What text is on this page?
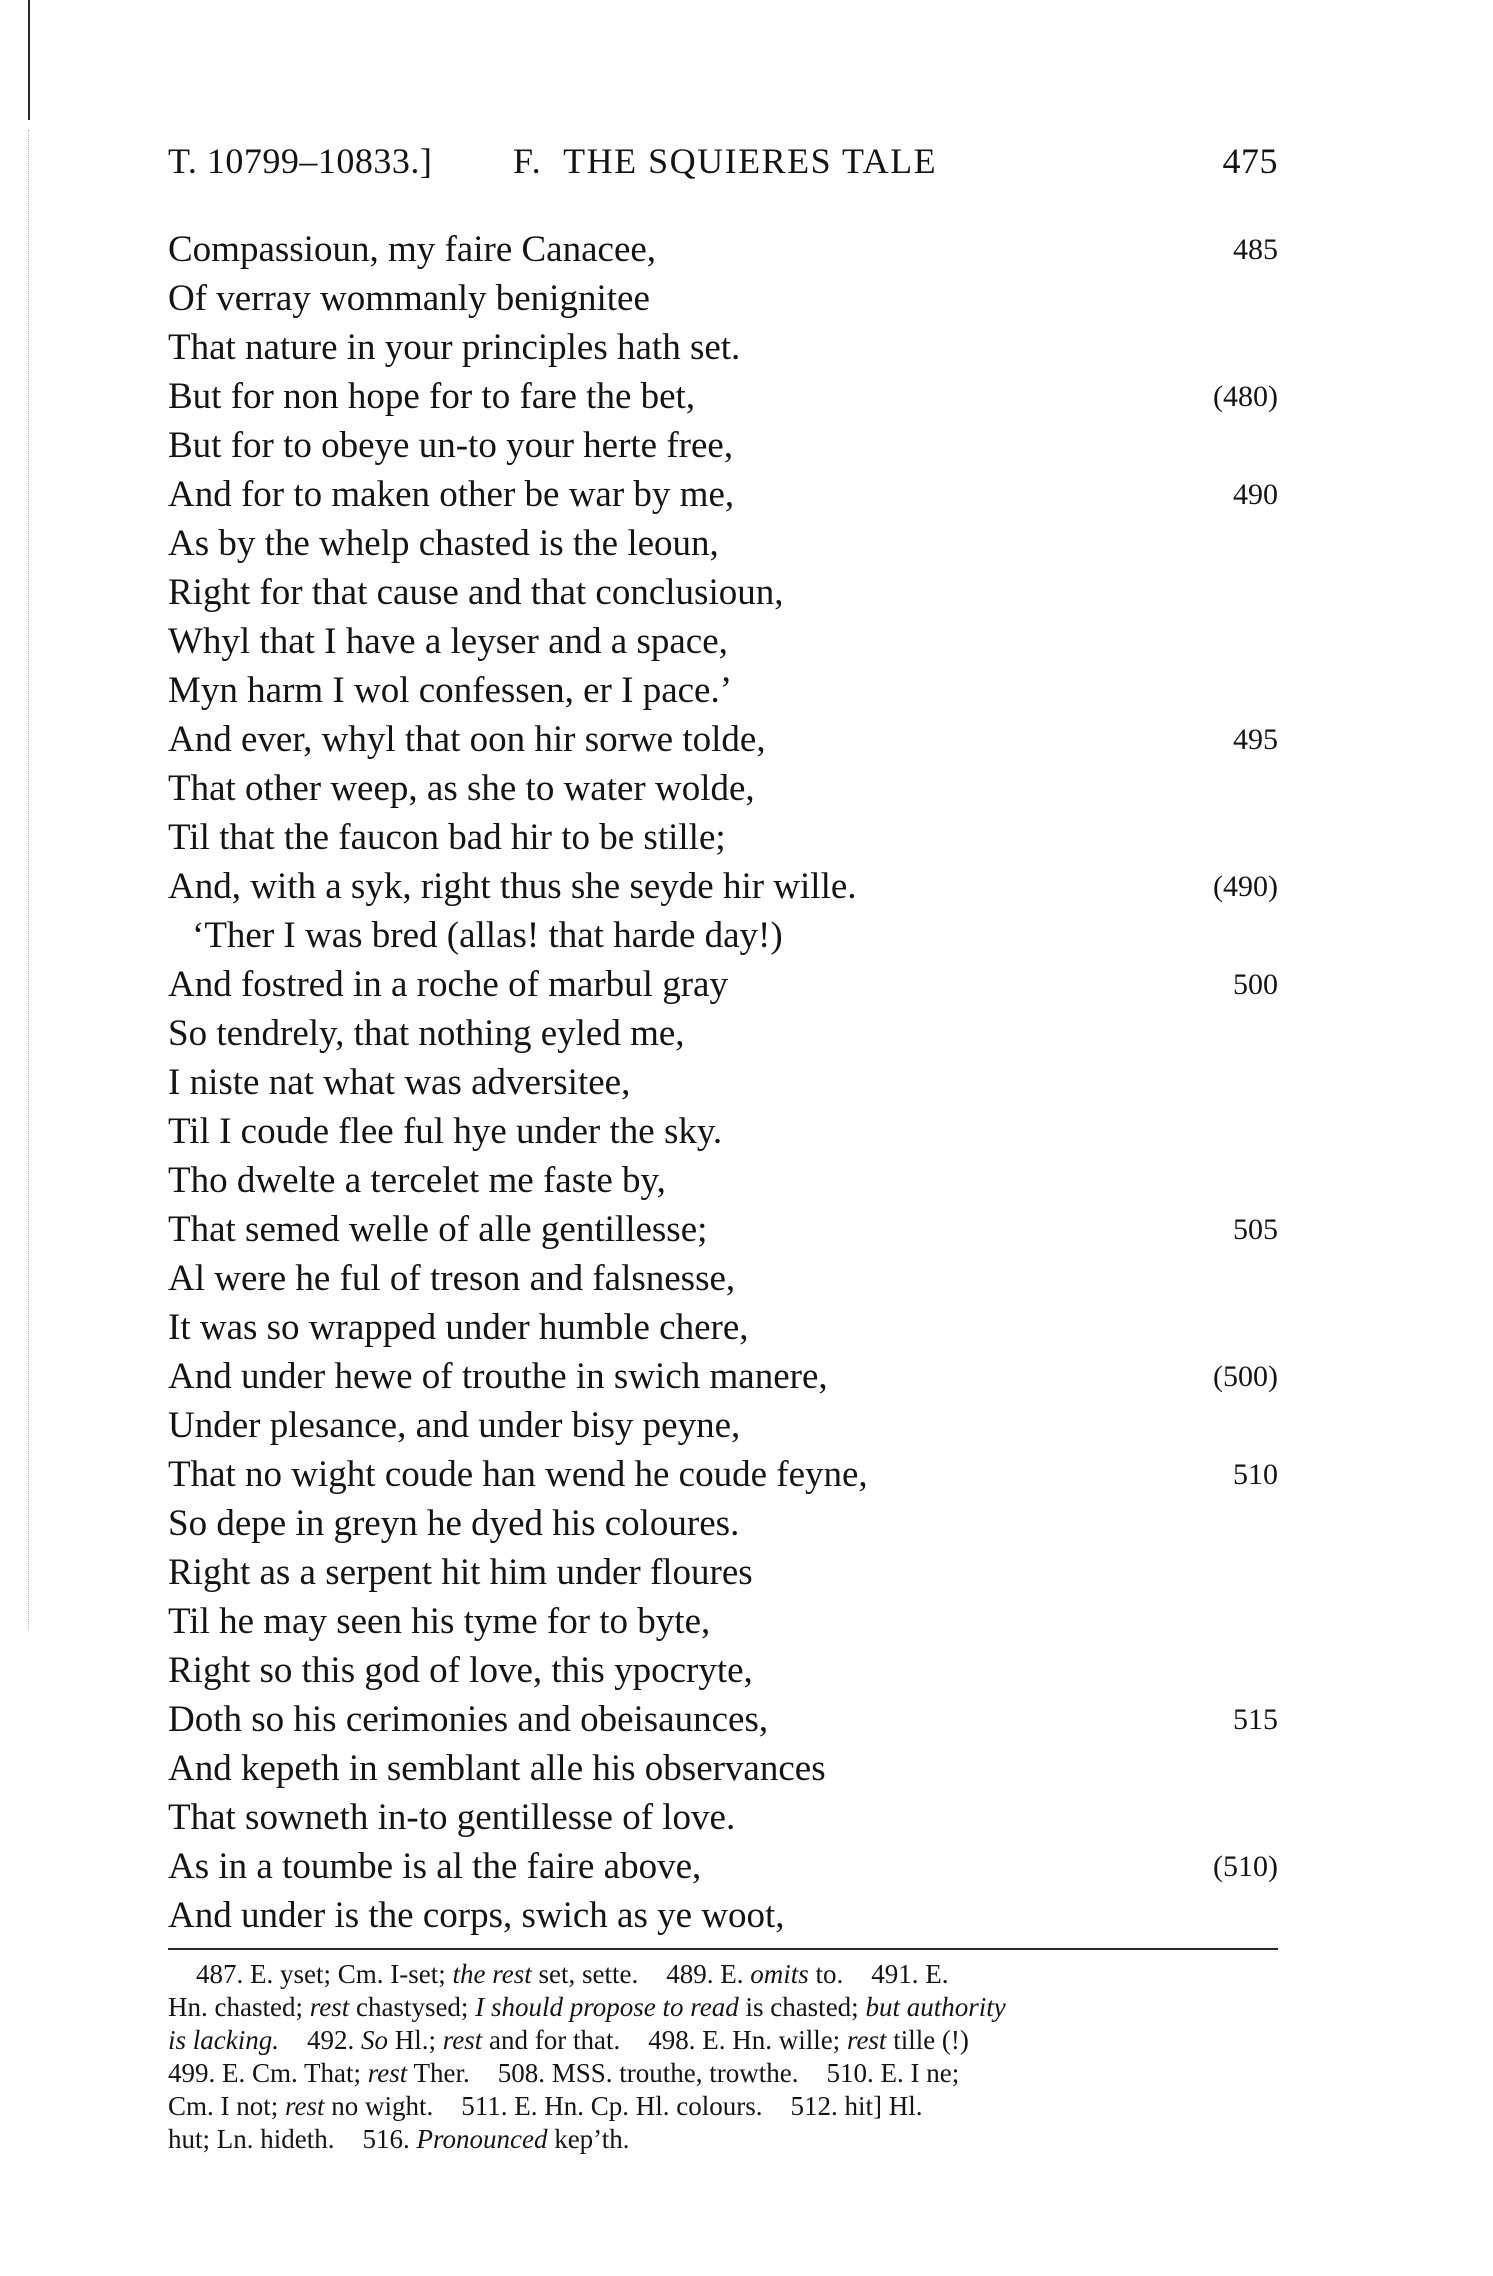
T. 10799–10833.] F. THE SQUIERES TALE	475
Compassioun, my faire Canacee,	485
Of verray wommanly benignitee
That nature in your principles hath set.
But for non hope for to fare the bet,	(480)
But for to obeye un-to your herte free,
And for to maken other be war by me,	490
As by the whelp chasted is the leoun,
Right for that cause and that conclusioun,
Whyl that I have a leyser and a space,
Myn harm I wol confessen, er I pace.’
And ever, whyl that oon hir sorwe tolde,	495
That other weep, as she to water wolde,
Til that the faucon bad hir to be stille;
And, with a syk, right thus she seyde hir wille.	(490)
‘Ther I was bred (allas! that harde day!)
And fostred in a roche of marbul gray	500
So tendrely, that nothing eyled me,
I niste nat what was adversitee,
Til I coude flee ful hye under the sky.
Tho dwelte a tercelet me faste by,
That semed welle of alle gentillesse;	505
Al were he ful of treson and falsnesse,
It was so wrapped under humble chere,
And under hewe of trouthe in swich manere,	(500)
Under plesance, and under bisy peyne,
That no wight coude han wend he coude feyne,	510
So depe in greyn he dyed his coloures.
Right as a serpent hit him under floures
Til he may seen his tyme for to byte,
Right so this god of love, this ypocryte,
Doth so his cerimonies and obeisaunces,	515
And kepeth in semblant alle his observances
That sowneth in-to gentillesse of love.
As in a toumbe is al the faire above,	(510)
And under is the corps, swich as ye woot,
487. E. yset; Cm. I-set; the rest set, sette. 489. E. omits to. 491. E.
Hn. chasted; rest chastysed; I should propose to read is chasted; but authority
is lacking. 492. So Hl.; rest and for that. 498. E. Hn. wille; rest tille (!)
499. E. Cm. That; rest Ther. 508. MSS. trouthe, trowthe. 510. E. I ne;
Cm. I not; rest no wight. 511. E. Hn. Cp. Hl. colours. 512. hit] Hl.
hut; Ln. hideth. 516. Pronounced kep’th.
